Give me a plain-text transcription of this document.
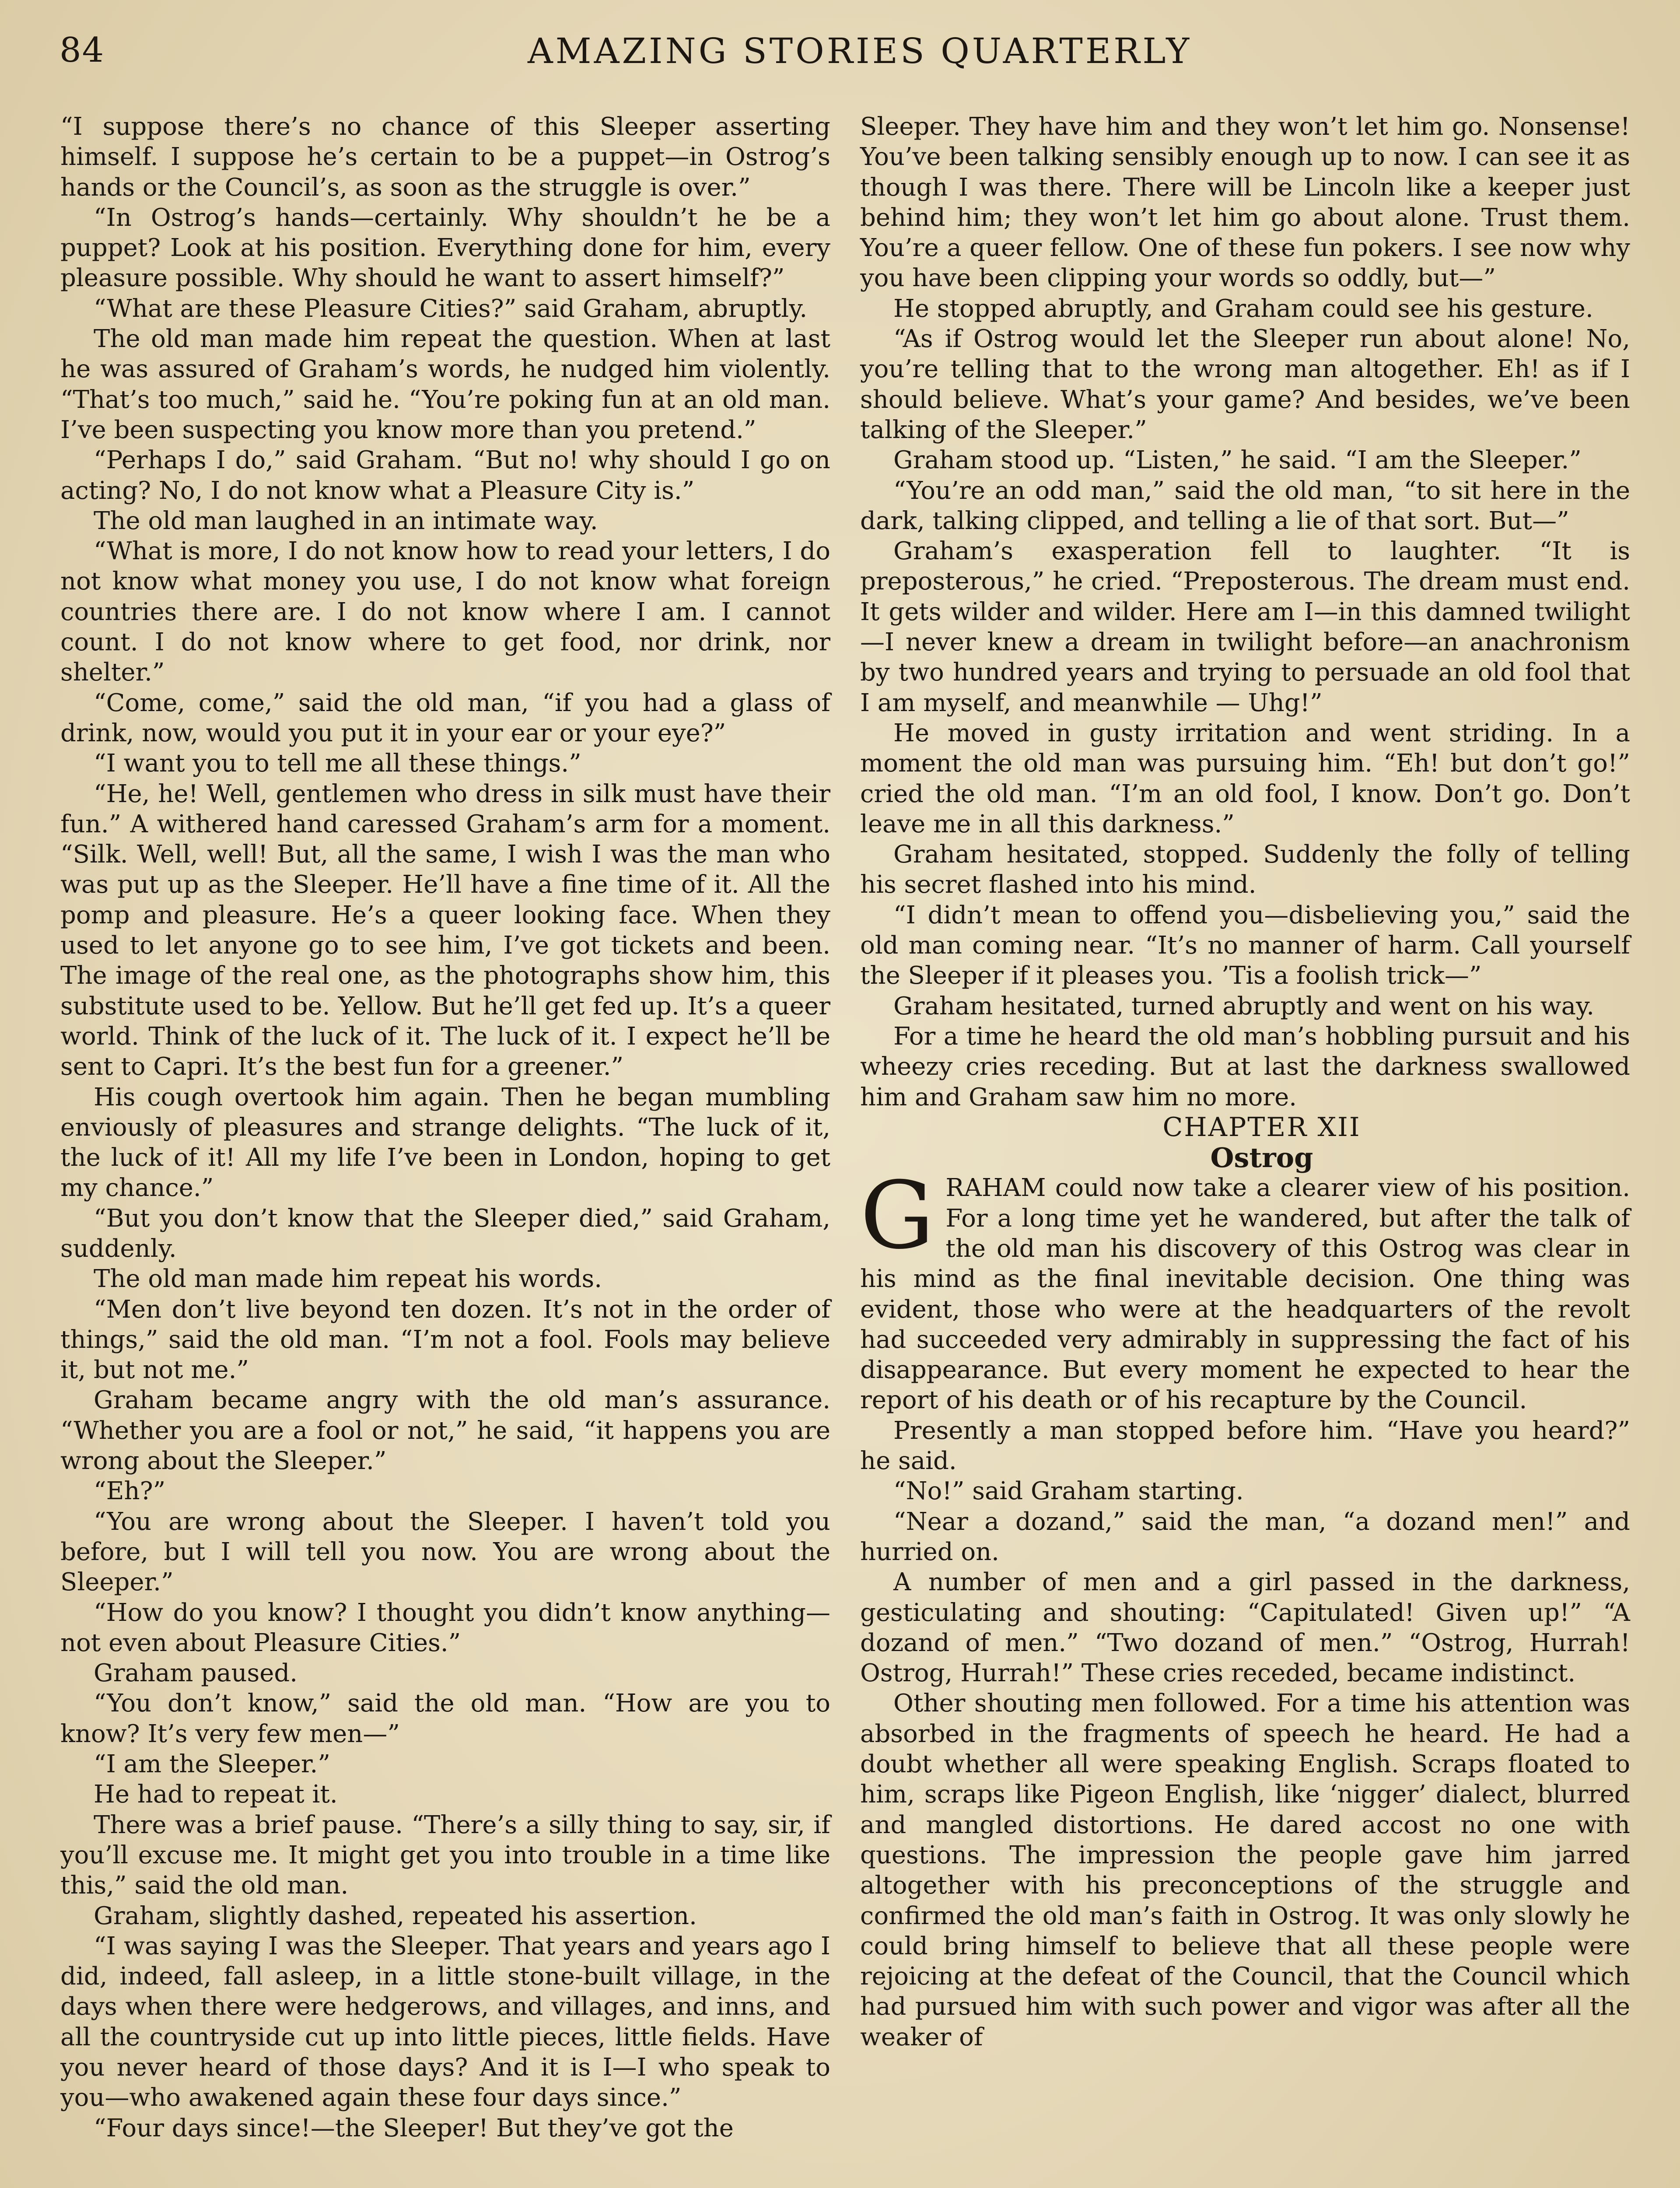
84	AMAZING STORIES QUARTERLY

“I suppose there’s no chance of this Sleeper asserting himself. I suppose he’s certain to be a puppet—in Ostrog’s hands or the Council’s, as soon as the struggle is over.”

“In Ostrog’s hands—certainly. Why shouldn’t he be a puppet? Look at his position. Everything done for him, every pleasure possible. Why should he want to assert himself?”

“What are these Pleasure Cities?” said Graham, abruptly.

The old man made him repeat the question. When at last he was assured of Graham’s words, he nudged him violently. “That’s too much,” said he. “You’re poking fun at an old man. I’ve been suspecting you know more than you pretend.”

“Perhaps I do,” said Graham. “But no! why should I go on acting? No, I do not know what a Pleasure City is.”

The old man laughed in an intimate way.

“What is more, I do not know how to read your letters, I do not know what money you use, I do not know what foreign countries there are. I do not know where I am. I cannot count. I do not know where to get food, nor drink, nor shelter.”

“Come, come,” said the old man, “if you had a glass of drink, now, would you put it in your ear or your eye?”

“I want you to tell me all these things.”

“He, he! Well, gentlemen who dress in silk must have their fun.” A withered hand caressed Graham’s arm for a moment. “Silk. Well, well! But, all the same, I wish I was the man who was put up as the Sleeper. He’ll have a fine time of it. All the pomp and pleasure. He’s a queer looking face. When they used to let anyone go to see him, I’ve got tickets and been. The image of the real one, as the photographs show him, this substitute used to be. Yellow. But he’ll get fed up. It’s a queer world. Think of the luck of it. The luck of it. I expect he’ll be sent to Capri. It’s the best fun for a greener.”

His cough overtook him again. Then he began mumbling enviously of pleasures and strange delights. “The luck of it, the luck of it! All my life I’ve been in London, hoping to get my chance.”

“But you don’t know that the Sleeper died,” said Graham, suddenly.

The old man made him repeat his words.

“Men don’t live beyond ten dozen. It’s not in the order of things,” said the old man. “I’m not a fool. Fools may believe it, but not me.”

Graham became angry with the old man’s assurance. “Whether you are a fool or not,” he said, “it happens you are wrong about the Sleeper.”

“Eh?”

“You are wrong about the Sleeper. I haven’t told you before, but I will tell you now. You are wrong about the Sleeper.”

“How do you know? I thought you didn’t know anything—not even about Pleasure Cities.”

Graham paused.

“You don’t know,” said the old man. “How are you to know? It’s very few men—”

“I am the Sleeper.”

He had to repeat it.

There was a brief pause. “There’s a silly thing to say, sir, if you’ll excuse me. It might get you into trouble in a time like this,” said the old man.

Graham, slightly dashed, repeated his assertion.

“I was saying I was the Sleeper. That years and years ago I did, indeed, fall asleep, in a little stone-built village, in the days when there were hedgerows, and villages, and inns, and all the countryside cut up into little pieces, little fields. Have you never heard of those days? And it is I—I who speak to you—who awakened again these four days since.”

“Four days since!—the Sleeper! But they’ve got the

Sleeper. They have him and they won’t let him go. Nonsense! You’ve been talking sensibly enough up to now. I can see it as though I was there. There will be Lincoln like a keeper just behind him; they won’t let him go about alone. Trust them. You’re a queer fellow. One of these fun pokers. I see now why you have been clipping your words so oddly, but—”

He stopped abruptly, and Graham could see his gesture.

“As if Ostrog would let the Sleeper run about alone! No, you’re telling that to the wrong man altogether. Eh! as if I should believe. What’s your game? And besides, we’ve been talking of the Sleeper.”

Graham stood up. “Listen,” he said. “I am the Sleeper.”

“You’re an odd man,” said the old man, “to sit here in the dark, talking clipped, and telling a lie of that sort. But—”

Graham’s exasperation fell to laughter. “It is preposterous,” he cried. “Preposterous. The dream must end. It gets wilder and wilder. Here am I—in this damned twilight—I never knew a dream in twilight before—an anachronism by two hundred years and trying to persuade an old fool that I am myself, and meanwhile — Uhg!”

He moved in gusty irritation and went striding. In a moment the old man was pursuing him. “Eh! but don’t go!” cried the old man. “I’m an old fool, I know. Don’t go. Don’t leave me in all this darkness.”

Graham hesitated, stopped. Suddenly the folly of telling his secret flashed into his mind.

“I didn’t mean to offend you—disbelieving you,” said the old man coming near. “It’s no manner of harm. Call yourself the Sleeper if it pleases you. ’Tis a foolish trick—”

Graham hesitated, turned abruptly and went on his way.

For a time he heard the old man’s hobbling pursuit and his wheezy cries receding. But at last the darkness swallowed him and Graham saw him no more.

CHAPTER XII

Ostrog

GRAHAM could now take a clearer view of his position. For a long time yet he wandered, but after the talk of the old man his discovery of this Ostrog was clear in his mind as the final inevitable decision. One thing was evident, those who were at the headquarters of the revolt had succeeded very admirably in suppressing the fact of his disappearance. But every moment he expected to hear the report of his death or of his recapture by the Council.

Presently a man stopped before him. “Have you heard?” he said.

“No!” said Graham starting.

“Near a dozand,” said the man, “a dozand men!” and hurried on.

A number of men and a girl passed in the darkness, gesticulating and shouting: “Capitulated! Given up!” “A dozand of men.” “Two dozand of men.” “Ostrog, Hurrah! Ostrog, Hurrah!” These cries receded, became indistinct.

Other shouting men followed. For a time his attention was absorbed in the fragments of speech he heard. He had a doubt whether all were speaking English. Scraps floated to him, scraps like Pigeon English, like ‘nigger’ dialect, blurred and mangled distortions. He dared accost no one with questions. The impression the people gave him jarred altogether with his preconceptions of the struggle and confirmed the old man’s faith in Ostrog. It was only slowly he could bring himself to believe that all these people were rejoicing at the defeat of the Council, that the Council which had pursued him with such power and vigor was after all the weaker of
